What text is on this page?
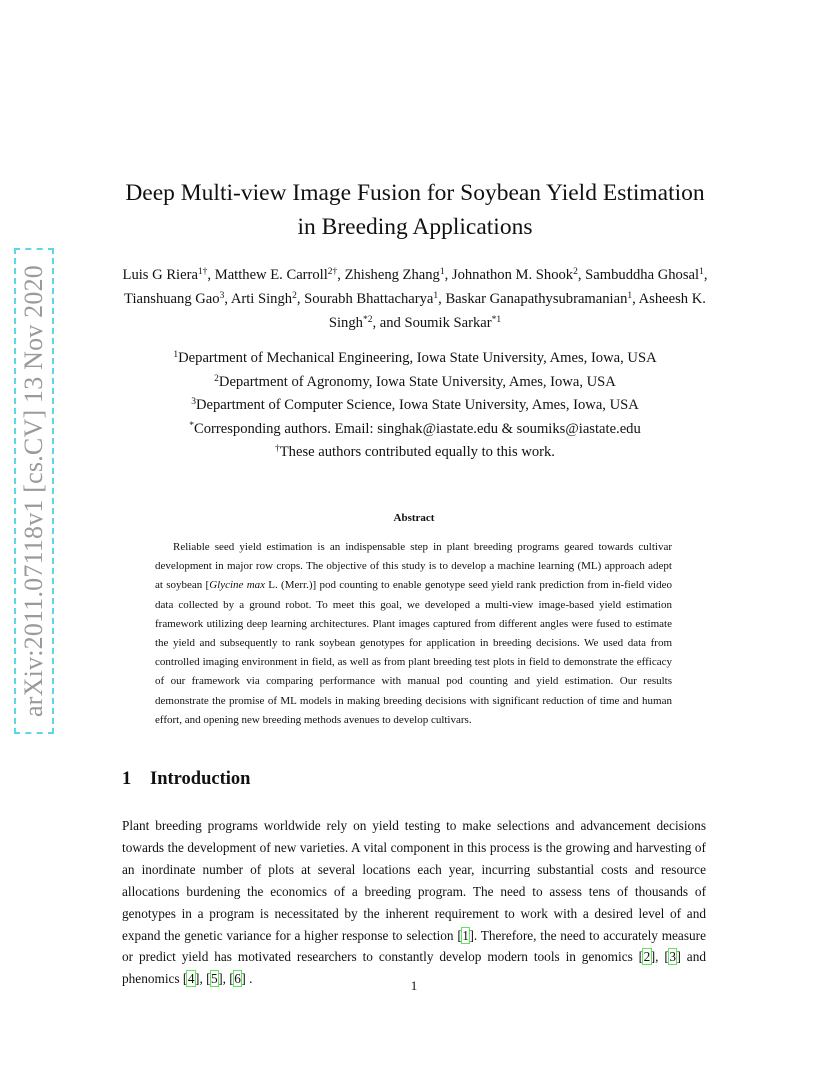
arXiv:2011.07118v1 [cs.CV] 13 Nov 2020
Deep Multi-view Image Fusion for Soybean Yield Estimation
in Breeding Applications
Luis G Riera$^{1\dagger}$, Matthew E. Carroll$^{2\dagger}$, Zhisheng Zhang$^1$, Johnathon M. Shook$^2$, Sambuddha Ghosal$^1$, Tianshuang Gao$^3$, Arti Singh$^2$, Sourabh Bhattacharya$^1$, Baskar Ganapathysubramanian$^1$, Asheesh K. Singh$^{*2}$, and Soumik Sarkar$^{*1}$
$^1$Department of Mechanical Engineering, Iowa State University, Ames, Iowa, USA
$^2$Department of Agronomy, Iowa State University, Ames, Iowa, USA
$^3$Department of Computer Science, Iowa State University, Ames, Iowa, USA
*Corresponding authors. Email: singhak@iastate.edu & soumiks@iastate.edu
†These authors contributed equally to this work.
Abstract

Reliable seed yield estimation is an indispensable step in plant breeding programs geared towards cultivar development in major row crops. The objective of this study is to develop a machine learning (ML) approach adept at soybean [Glycine max L. (Merr.)] pod counting to enable genotype seed yield rank prediction from in-field video data collected by a ground robot. To meet this goal, we developed a multi-view image-based yield estimation framework utilizing deep learning architectures. Plant images captured from different angles were fused to estimate the yield and subsequently to rank soybean genotypes for application in breeding decisions. We used data from controlled imaging environment in field, as well as from plant breeding test plots in field to demonstrate the efficacy of our framework via comparing performance with manual pod counting and yield estimation. Our results demonstrate the promise of ML models in making breeding decisions with significant reduction of time and human effort, and opening new breeding methods avenues to develop cultivars.

1 Introduction

Plant breeding programs worldwide rely on yield testing to make selections and advancement decisions towards the development of new varieties. A vital component in this process is the growing and harvesting of an inordinate number of plots at several locations each year, incurring substantial costs and resource allocations burdening the economics of a breeding program. The need to assess tens of thousands of genotypes in a program is necessitated by the inherent requirement to work with a desired level of and expand the genetic variance for a higher response to selection [1]. Therefore, the need to accurately measure or predict yield has motivated researchers to constantly develop modern tools in genomics [2], [3] and phenomics [4], [5], [6] .	1
